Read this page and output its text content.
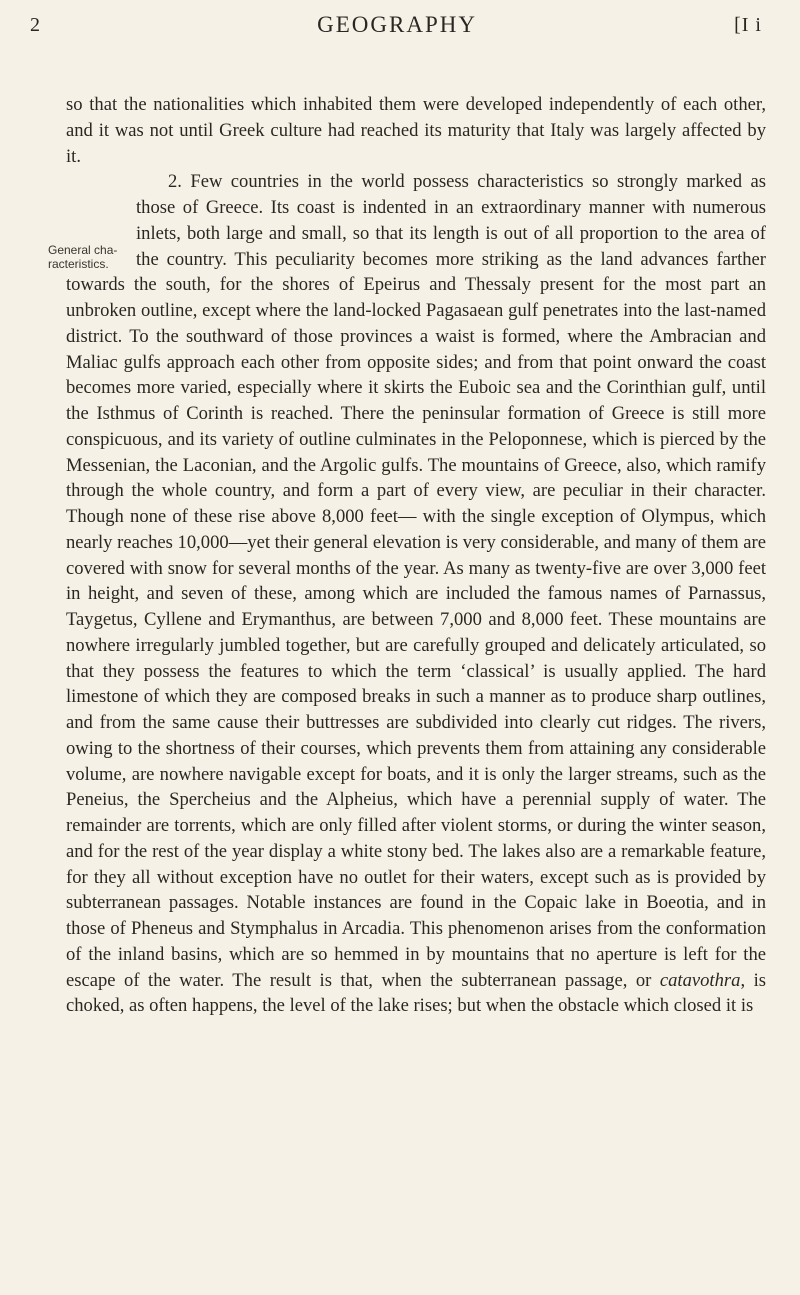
2	GEOGRAPHY	[I i
General cha- racteristics.

so that the nationalities which inhabited them were developed independently of each other, and it was not until Greek culture had reached its maturity that Italy was largely affected by it.

2. Few countries in the world possess characteristics so strongly marked as those of Greece. Its coast is indented in an extraordinary manner with numerous inlets, both large and small, so that its length is out of all proportion to the area of the country. This peculiarity becomes more striking as the land advances farther towards the south, for the shores of Epeirus and Thessaly present for the most part an unbroken outline, except where the land-locked Pagasaean gulf penetrates into the last-named district. To the southward of those provinces a waist is formed, where the Ambracian and Maliac gulfs approach each other from opposite sides; and from that point onward the coast becomes more varied, especially where it skirts the Euboic sea and the Corinthian gulf, until the Isthmus of Corinth is reached. There the peninsular formation of Greece is still more conspicuous, and its variety of outline culminates in the Peloponnese, which is pierced by the Messenian, the Laconian, and the Argolic gulfs. The mountains of Greece, also, which ramify through the whole country, and form a part of every view, are peculiar in their character. Though none of these rise above 8,000 feet— with the single exception of Olympus, which nearly reaches 10,000—yet their general elevation is very considerable, and many of them are covered with snow for several months of the year. As many as twenty-five are over 3,000 feet in height, and seven of these, among which are included the famous names of Parnassus, Taygetus, Cyllene and Erymanthus, are between 7,000 and 8,000 feet. These mountains are nowhere irregularly jumbled together, but are carefully grouped and delicately articulated, so that they possess the features to which the term ‘classical’ is usually applied. The hard limestone of which they are composed breaks in such a manner as to produce sharp outlines, and from the same cause their buttresses are subdivided into clearly cut ridges. The rivers, owing to the shortness of their courses, which prevents them from attaining any considerable volume, are nowhere navigable except for boats, and it is only the larger streams, such as the Peneius, the Spercheius and the Alpheius, which have a perennial supply of water. The remainder are torrents, which are only filled after violent storms, or during the winter season, and for the rest of the year display a white stony bed. The lakes also are a remarkable feature, for they all without exception have no outlet for their waters, except such as is provided by subterranean passages. Notable instances are found in the Copaic lake in Boeotia, and in those of Pheneus and Stymphalus in Arcadia. This phenomenon arises from the conformation of the inland basins, which are so hemmed in by mountains that no aperture is left for the escape of the water. The result is that, when the subterranean passage, or catavothra, is choked, as often happens, the level of the lake rises; but when the obstacle which closed it is
